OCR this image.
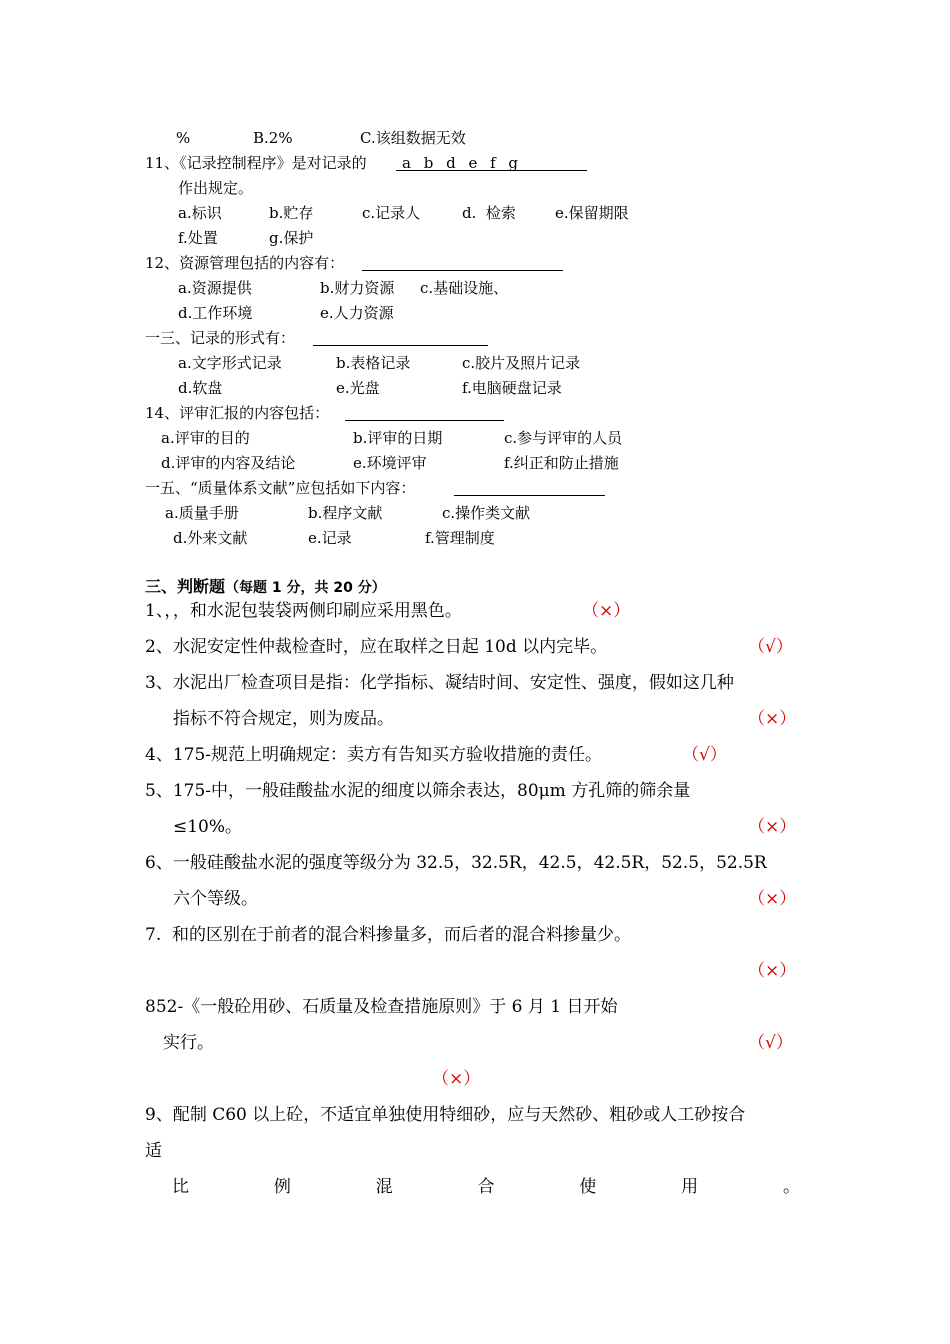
%	B.2%	C.该组数据无效
11、《记录控制程序》是对记录的 a b d e f g
作出规定。
a.标识	b.贮存	c.记录人	d.  检索	e.保留期限
f.处置	g.保护
12、资源管理包括的内容有：
a.资源提供	b.财力资源 c.基础设施、
d.工作环境	e.人力资源
一三、记录的形式有：
a.文字形式记录	b.表格记录	c.胶片及照片记录
d.软盘	e.光盘	f.电脑硬盘记录
14、评审汇报的内容包括：
a.评审的目的	b.评审的日期	c.参与评审的人员
d.评审的内容及结论	e.环境评审	f.纠正和防止措施
一五、“质量体系文献”应包括如下内容：
a.质量手册	b.程序文献	c.操作类文献
d.外来文献	e.记录	f.管理制度
三、判断题（每题 1 分，共 20 分）
1、，，和水泥包装袋两侧印刷应采用黑色。	（×）
2、水泥安定性仲裁检查时，应在取样之日起 10d 以内完毕。	（√）
3、水泥出厂检查项目是指：化学指标、凝结时间、安定性、强度，假如这几种
指标不符合规定，则为废品。	（×）
4、175-规范上明确规定：卖方有告知买方验收措施的责任。	（√）
5、175-中，一般硅酸盐水泥的细度以筛余表达，80μm 方孔筛的筛余量
≤10%。	（×）
6、一般硅酸盐水泥的强度等级分为 32.5，32.5R，42.5，42.5R，52.5，52.5R
六个等级。	（×）
7.  和的区别在于前者的混合料掺量多，而后者的混合料掺量少。
（×）
852-《一般砼用砂、石质量及检查措施原则》于 6 月 1 日开始
实行。	（√）
（×）
9、配制 C60 以上砼，不适宜单独使用特细砂，应与天然砂、粗砂或人工砂按合
适
比	例	混	合	使	用	。
